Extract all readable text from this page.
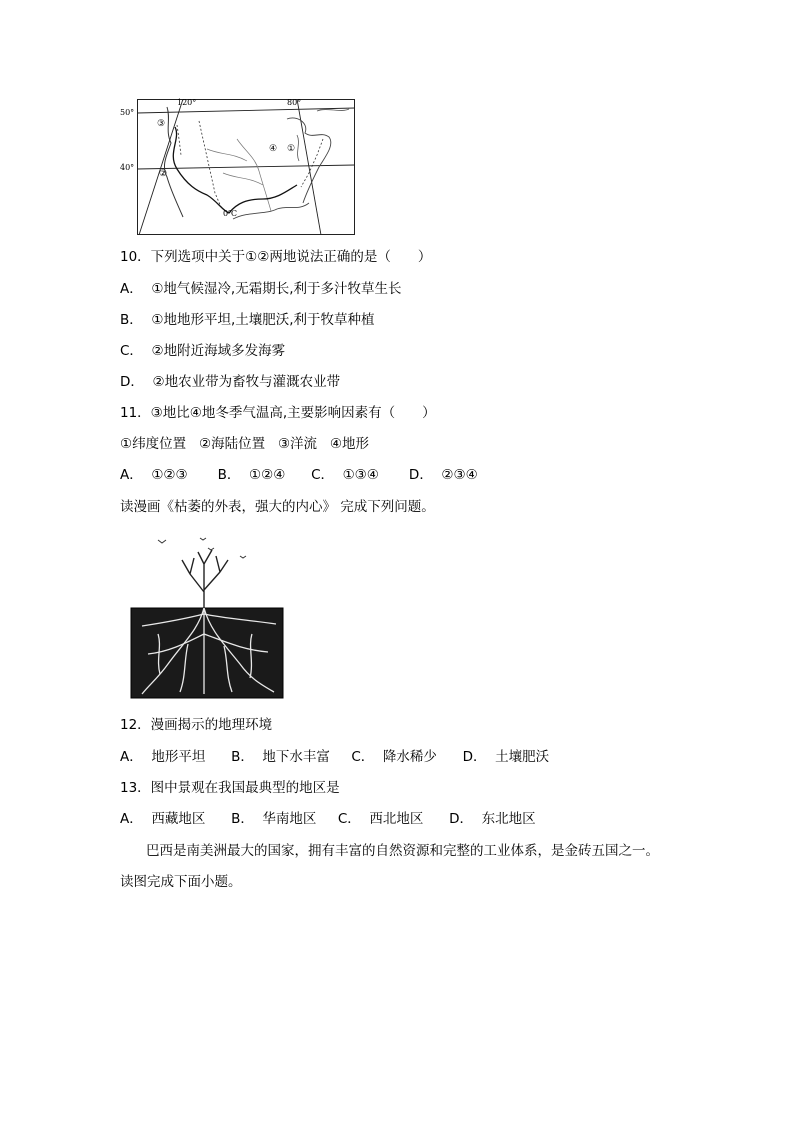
50°
40°
120°	80°
③
②
④ ①
0℃
10．下列选项中关于①②两地说法正确的是（　　）
A．  ①地气候湿冷,无霜期长,利于多汁牧草生长
B．  ①地地形平坦,土壤肥沃,利于牧草种植
C．  ②地附近海域多发海雾
D．  ②地农业带为畜牧与灌溉农业带
11．③地比④地冬季气温高,主要影响因素有（　　）
①纬度位置   ②海陆位置   ③洋流   ④地形
A．  ①②③       B．  ①②④      C．  ①③④       D．  ②③④
读漫画《枯萎的外表，强大的内心》 完成下列问题。
12．漫画揭示的地理环境
A．  地形平坦      B．  地下水丰富     C．  降水稀少      D．  土壤肥沃
13．图中景观在我国最典型的地区是
A．  西藏地区      B．  华南地区     C．  西北地区      D．  东北地区
巴西是南美洲最大的国家，拥有丰富的自然资源和完整的工业体系，是金砖五国之一。
读图完成下面小题。
